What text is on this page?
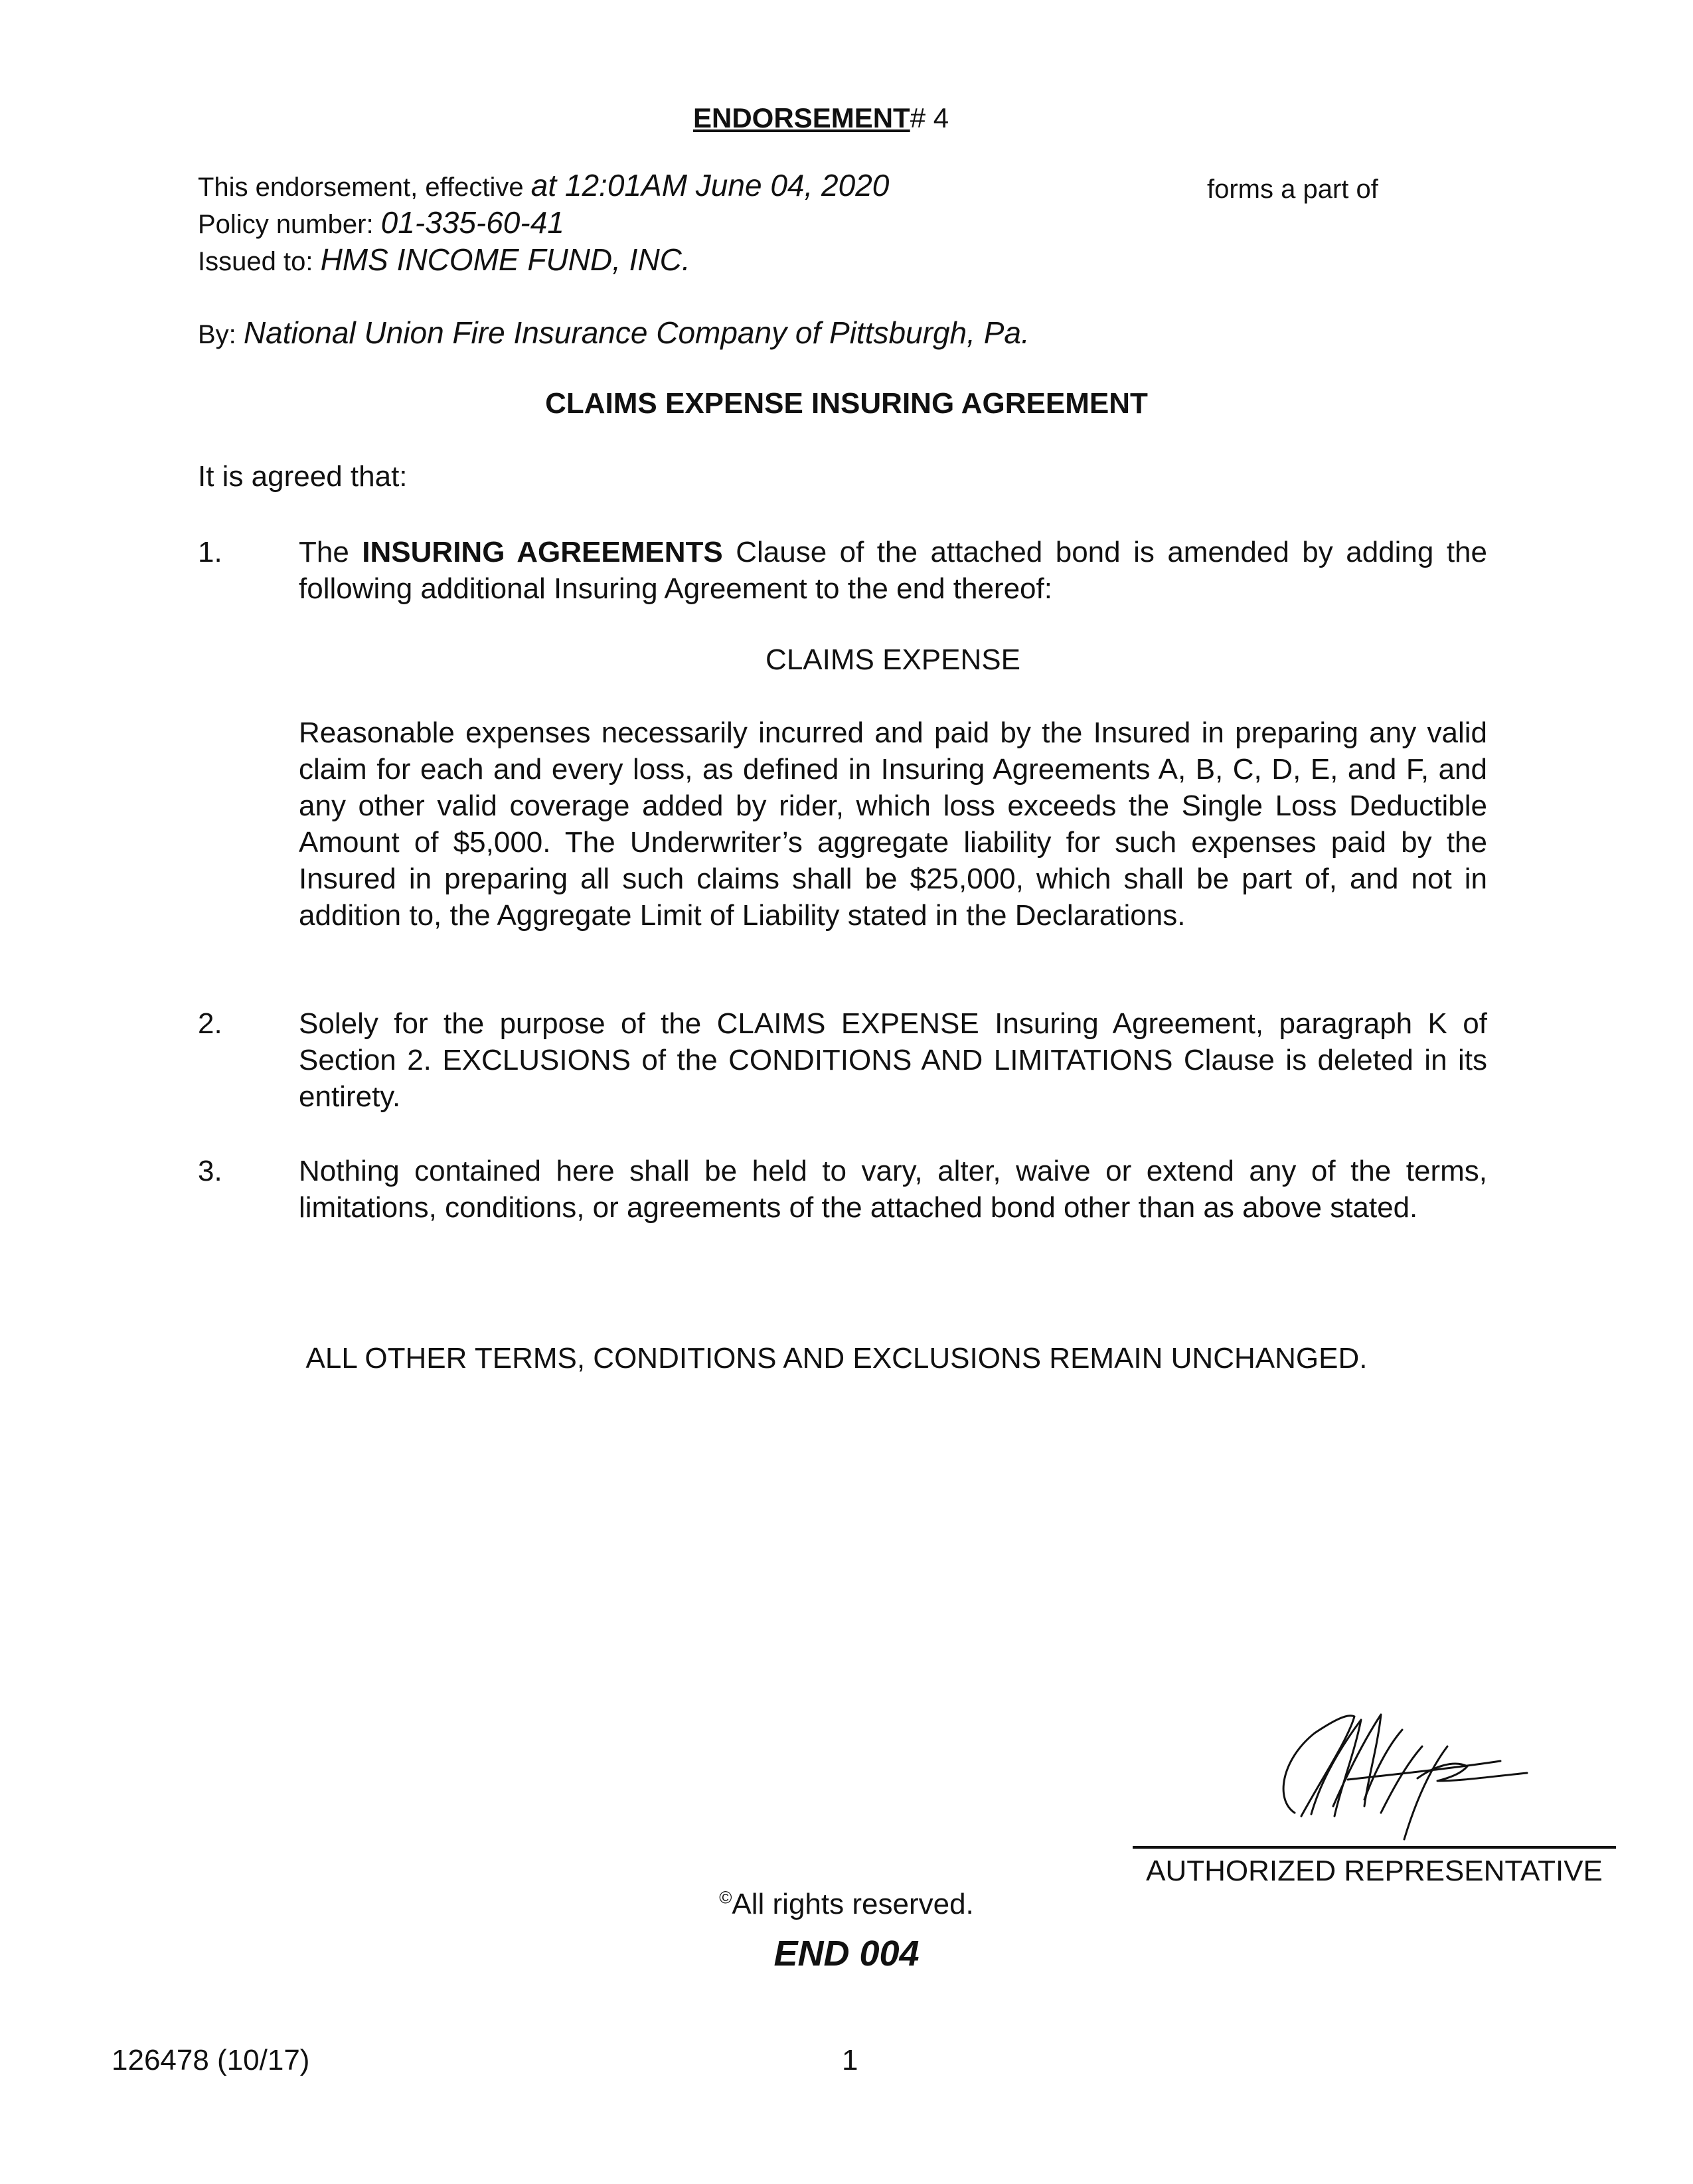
ENDORSEMENT# 4
This endorsement, effective at 12:01AM June 04, 2020	forms a part of
Policy number: 01-335-60-41
Issued to: HMS INCOME FUND, INC.
By: National Union Fire Insurance Company of Pittsburgh, Pa.
CLAIMS EXPENSE INSURING AGREEMENT
It is agreed that:
1.	The INSURING AGREEMENTS Clause of the attached bond is amended by adding the following additional Insuring Agreement to the end thereof:
CLAIMS EXPENSE
Reasonable expenses necessarily incurred and paid by the Insured in preparing any valid claim for each and every loss, as defined in Insuring Agreements A, B, C, D, E, and F, and any other valid coverage added by rider, which loss exceeds the Single Loss Deductible Amount of $5,000. The Underwriter’s aggregate liability for such expenses paid by the Insured in preparing all such claims shall be $25,000, which shall be part of, and not in addition to, the Aggregate Limit of Liability stated in the Declarations.
2.	Solely for the purpose of the CLAIMS EXPENSE Insuring Agreement, paragraph K of Section 2. EXCLUSIONS of the CONDITIONS AND LIMITATIONS Clause is deleted in its entirety.
3.	Nothing contained here shall be held to vary, alter, waive or extend any of the terms, limitations, conditions, or agreements of the attached bond other than as above stated.
ALL OTHER TERMS, CONDITIONS AND EXCLUSIONS REMAIN UNCHANGED.
AUTHORIZED REPRESENTATIVE
©All rights reserved.
END 004
126478 (10/17)	1
